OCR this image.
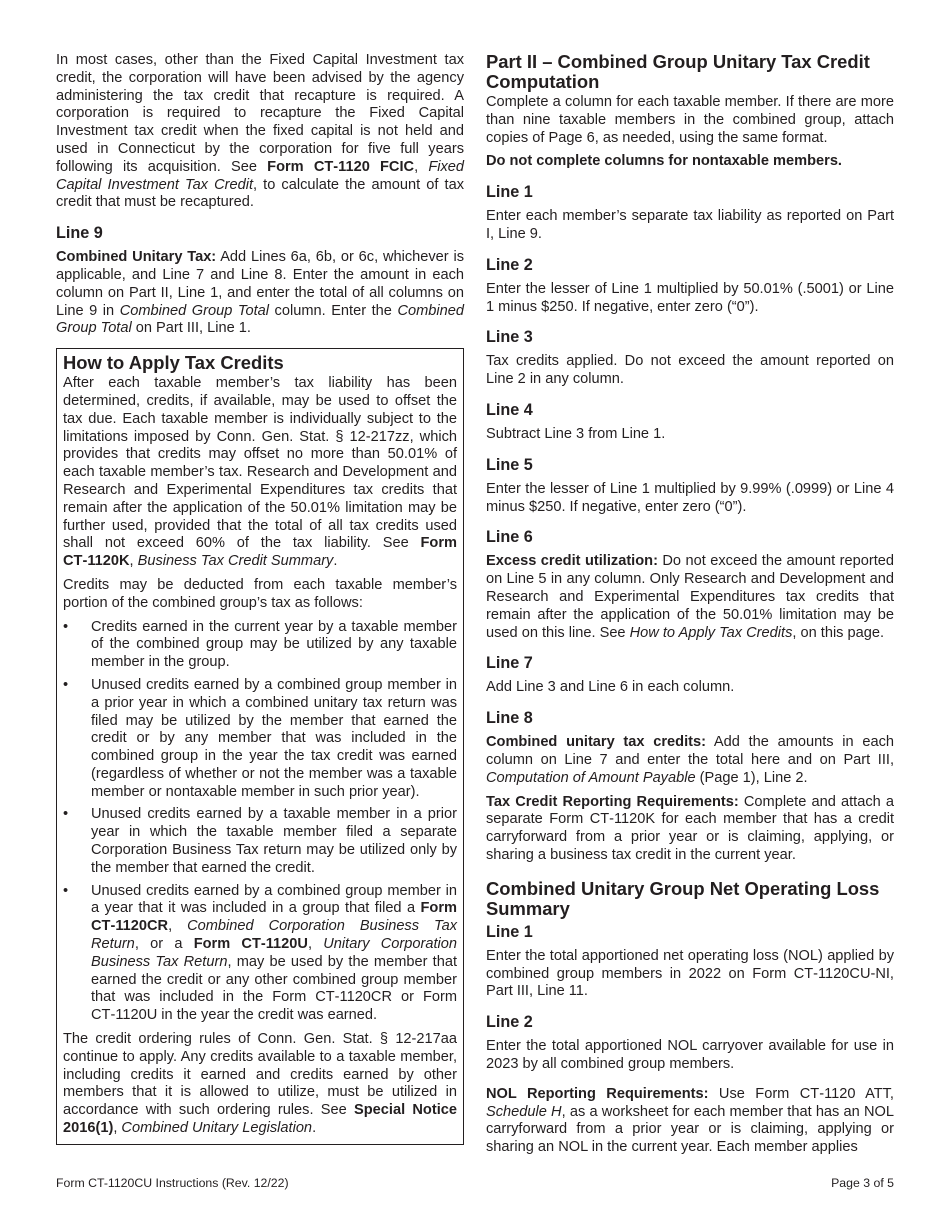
In most cases, other than the Fixed Capital Investment tax credit, the corporation will have been advised by the agency administering the tax credit that recapture is required. A corporation is required to recapture the Fixed Capital Investment tax credit when the fixed capital is not held and used in Connecticut by the corporation for five full years following its acquisition. See Form CT‑1120 FCIC, Fixed Capital Investment Tax Credit, to calculate the amount of tax credit that must be recaptured.

Line 9

Combined Unitary Tax: Add Lines 6a, 6b, or 6c, whichever is applicable, and Line 7 and Line 8. Enter the amount in each column on Part II, Line 1, and enter the total of all columns on Line 9 in Combined Group Total column. Enter the Combined Group Total on Part III, Line 1.

How to Apply Tax Credits

After each taxable member’s tax liability has been determined, credits, if available, may be used to offset the tax due. Each taxable member is individually subject to the limitations imposed by Conn. Gen. Stat. § 12‑217zz, which provides that credits may offset no more than 50.01% of each taxable member’s tax. Research and Development and Research and Experimental Expenditures tax credits that remain after the application of the 50.01% limitation may be further used, provided that the total of all tax credits used shall not exceed 60% of the tax liability. See Form CT‑1120K, Business Tax Credit Summary.

Credits may be deducted from each taxable member’s portion of the combined group’s tax as follows:

• Credits earned in the current year by a taxable member of the combined group may be utilized by any taxable member in the group.
• Unused credits earned by a combined group member in a prior year in which a combined unitary tax return was filed may be utilized by the member that earned the credit or by any member that was included in the combined group in the year the tax credit was earned (regardless of whether or not the member was a taxable member or nontaxable member in such prior year).
• Unused credits earned by a taxable member in a prior year in which the taxable member filed a separate Corporation Business Tax return may be utilized only by the member that earned the credit.
• Unused credits earned by a combined group member in a year that it was included in a group that filed a Form CT‑1120CR, Combined Corporation Business Tax Return, or a Form CT‑1120U, Unitary Corporation Business Tax Return, may be used by the member that earned the credit or any other combined group member that was included in the Form CT‑1120CR or Form CT‑1120U in the year the credit was earned.

The credit ordering rules of Conn. Gen. Stat. § 12‑217aa continue to apply. Any credits available to a taxable member, including credits it earned and credits earned by other members that it is allowed to utilize, must be utilized in accordance with such ordering rules. See Special Notice 2016(1), Combined Unitary Legislation.

Part II – Combined Group Unitary Tax Credit Computation

Complete a column for each taxable member. If there are more than nine taxable members in the combined group, attach copies of Page 6, as needed, using the same format.

Do not complete columns for nontaxable members.

Line 1

Enter each member’s separate tax liability as reported on Part I, Line 9.

Line 2

Enter the lesser of Line 1 multiplied by 50.01% (.5001) or Line 1 minus $250. If negative, enter zero (“0”).

Line 3

Tax credits applied. Do not exceed the amount reported on Line 2 in any column.

Line 4

Subtract Line 3 from Line 1.

Line 5

Enter the lesser of Line 1 multiplied by 9.99% (.0999) or Line 4 minus $250. If negative, enter zero (“0”).

Line 6

Excess credit utilization: Do not exceed the amount reported on Line 5 in any column. Only Research and Development and Research and Experimental Expenditures tax credits that remain after the application of the 50.01% limitation may be used on this line. See How to Apply Tax Credits, on this page.

Line 7

Add Line 3 and Line 6 in each column.

Line 8

Combined unitary tax credits: Add the amounts in each column on Line 7 and enter the total here and on Part III, Computation of Amount Payable (Page 1), Line 2.

Tax Credit Reporting Requirements: Complete and attach a separate Form CT‑1120K for each member that has a credit carryforward from a prior year or is claiming, applying, or sharing a business tax credit in the current year.

Combined Unitary Group Net Operating Loss Summary
Line 1

Enter the total apportioned net operating loss (NOL) applied by combined group members in 2022 on Form CT‑1120CU‑NI, Part III, Line 11.

Line 2

Enter the total apportioned NOL carryover available for use in 2023 by all combined group members.

NOL Reporting Requirements: Use Form CT‑1120 ATT, Schedule H, as a worksheet for each member that has an NOL carryforward from a prior year or is claiming, applying or sharing an NOL in the current year. Each member applies

Form CT-1120CU Instructions (Rev. 12/22)	Page 3 of 5
